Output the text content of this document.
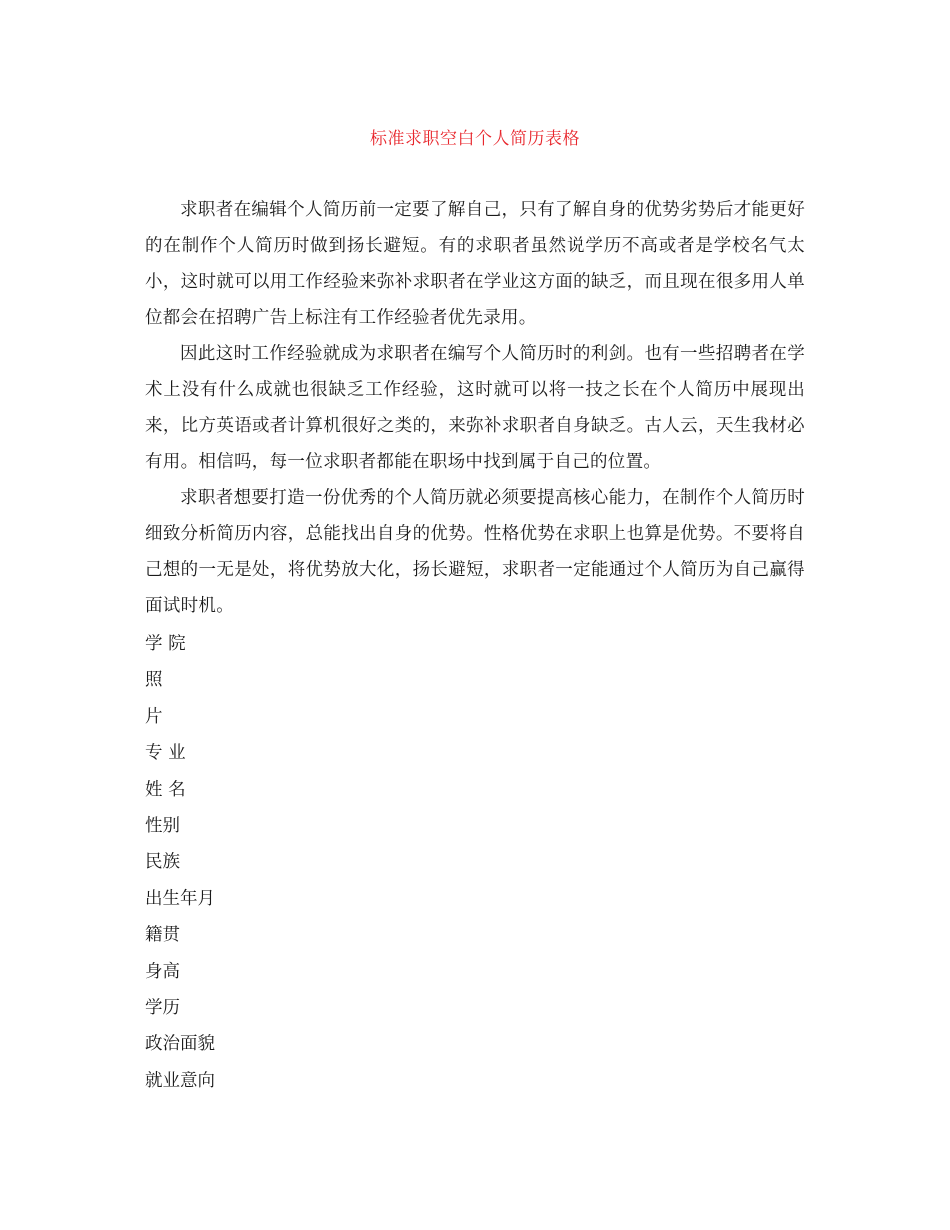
标准求职空白个人简历表格

求职者在编辑个人简历前一定要了解自己，只有了解自身的优势劣势后才能更好的在制作个人简历时做到扬长避短。有的求职者虽然说学历不高或者是学校名气太小，这时就可以用工作经验来弥补求职者在学业这方面的缺乏，而且现在很多用人单位都会在招聘广告上标注有工作经验者优先录用。

因此这时工作经验就成为求职者在编写个人简历时的利剑。也有一些招聘者在学术上没有什么成就也很缺乏工作经验，这时就可以将一技之长在个人简历中展现出来，比方英语或者计算机很好之类的，来弥补求职者自身缺乏。古人云，天生我材必有用。相信吗，每一位求职者都能在职场中找到属于自己的位置。

求职者想要打造一份优秀的个人简历就必须要提高核心能力，在制作个人简历时细致分析简历内容，总能找出自身的优势。性格优势在求职上也算是优势。不要将自己想的一无是处，将优势放大化，扬长避短，求职者一定能通过个人简历为自己赢得面试时机。

学 院
照
片
专 业
姓 名
性别
民族
出生年月
籍贯
身高
学历
政治面貌
就业意向
